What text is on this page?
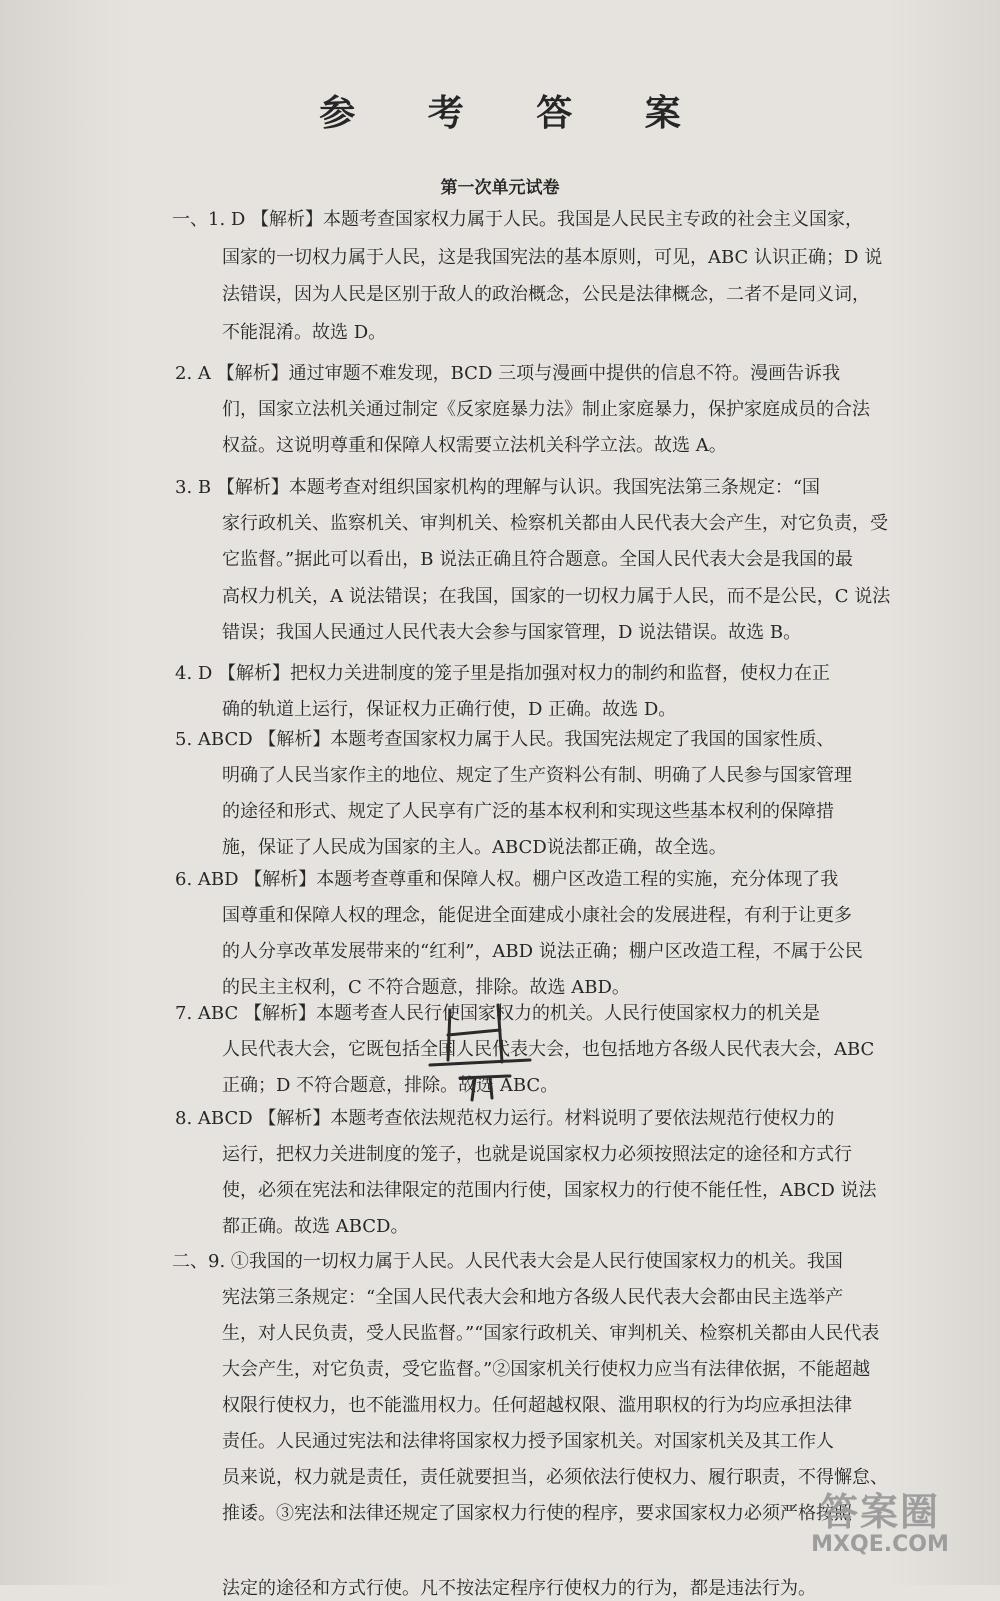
参 考 答 案
第一次单元试卷
一、1. D 【解析】本题考查国家权力属于人民。我国是人民民主专政的社会主义国家，
国家的一切权力属于人民，这是我国宪法的基本原则，可见，ABC 认识正确；D 说
法错误，因为人民是区别于敌人的政治概念，公民是法律概念，二者不是同义词，
不能混淆。故选 D。
2. A 【解析】通过审题不难发现，BCD 三项与漫画中提供的信息不符。漫画告诉我
们，国家立法机关通过制定《反家庭暴力法》制止家庭暴力，保护家庭成员的合法
权益。这说明尊重和保障人权需要立法机关科学立法。故选 A。
3. B 【解析】本题考查对组织国家机构的理解与认识。我国宪法第三条规定：“国
家行政机关、监察机关、审判机关、检察机关都由人民代表大会产生，对它负责，受
它监督。”据此可以看出，B 说法正确且符合题意。全国人民代表大会是我国的最
高权力机关，A 说法错误；在我国，国家的一切权力属于人民，而不是公民，C 说法
错误；我国人民通过人民代表大会参与国家管理，D 说法错误。故选 B。
4. D 【解析】把权力关进制度的笼子里是指加强对权力的制约和监督，使权力在正
确的轨道上运行，保证权力正确行使，D 正确。故选 D。
5. ABCD 【解析】本题考查国家权力属于人民。我国宪法规定了我国的国家性质、
明确了人民当家作主的地位、规定了生产资料公有制、明确了人民参与国家管理
的途径和形式、规定了人民享有广泛的基本权利和实现这些基本权利的保障措
施，保证了人民成为国家的主人。ABCD说法都正确，故全选。
6. ABD 【解析】本题考查尊重和保障人权。棚户区改造工程的实施，充分体现了我
国尊重和保障人权的理念，能促进全面建成小康社会的发展进程，有利于让更多
的人分享改革发展带来的“红利”，ABD 说法正确；棚户区改造工程，不属于公民
的民主主权利，C 不符合题意，排除。故选 ABD。
7. ABC 【解析】本题考查人民行使国家权力的机关。人民行使国家权力的机关是
人民代表大会，它既包括全国人民代表大会，也包括地方各级人民代表大会，ABC
正确；D 不符合题意，排除。故选 ABC。
8. ABCD 【解析】本题考查依法规范权力运行。材料说明了要依法规范行使权力的
运行，把权力关进制度的笼子，也就是说国家权力必须按照法定的途径和方式行
使，必须在宪法和法律限定的范围内行使，国家权力的行使不能任性，ABCD 说法
都正确。故选 ABCD。
二、9. ①我国的一切权力属于人民。人民代表大会是人民行使国家权力的机关。我国
宪法第三条规定：“全国人民代表大会和地方各级人民代表大会都由民主选举产
生，对人民负责，受人民监督。”“国家行政机关、审判机关、检察机关都由人民代表
大会产生，对它负责，受它监督。”②国家机关行使权力应当有法律依据，不能超越
权限行使权力，也不能滥用权力。任何超越权限、滥用职权的行为均应承担法律
责任。人民通过宪法和法律将国家权力授予国家机关。对国家机关及其工作人
员来说，权力就是责任，责任就要担当，必须依法行使权力、履行职责，不得懈怠、
推诿。③宪法和法律还规定了国家权力行使的程序，要求国家权力必须严格按照
法定的途径和方式行使。凡不按法定程序行使权力的行为，都是违法行为。
答案圈
MXQE.COM
